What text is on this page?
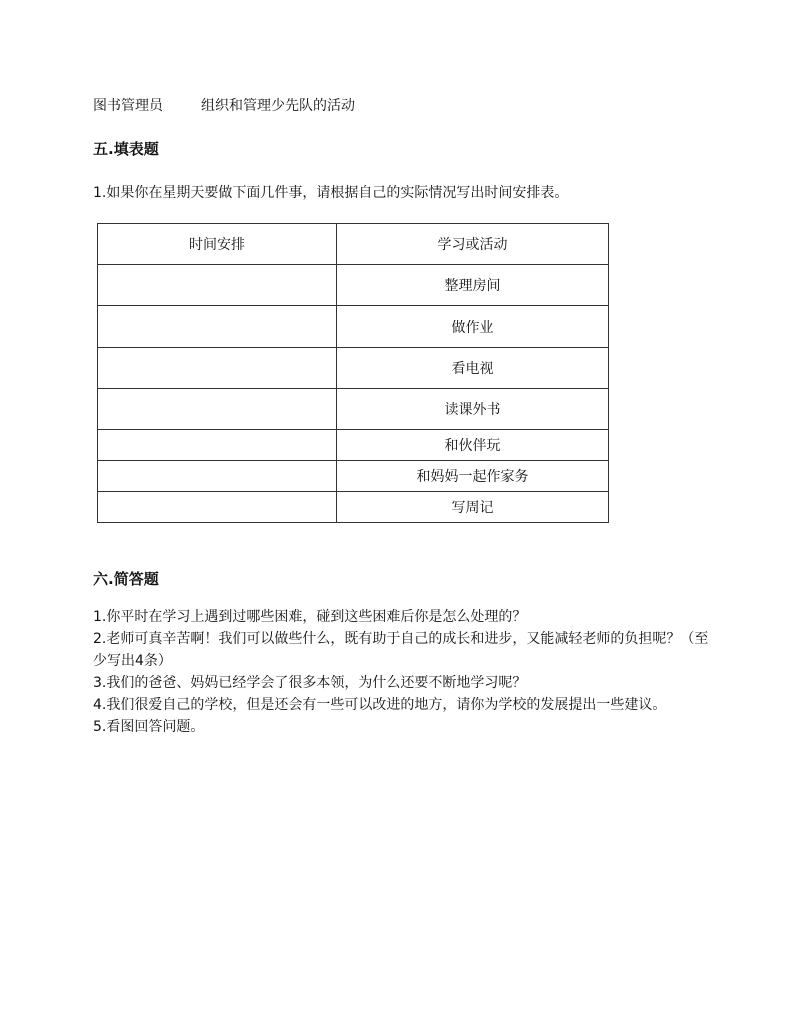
图书管理员	组织和管理少先队的活动
五.填表题
1.如果你在星期天要做下面几件事，请根据自己的实际情况写出时间安排表。
时间安排	学习或活动
	整理房间
	做作业
	看电视
	读课外书
	和伙伴玩
	和妈妈一起作家务
	写周记
六.简答题
1.你平时在学习上遇到过哪些困难，碰到这些困难后你是怎么处理的？
2.老师可真辛苦啊！我们可以做些什么，既有助于自己的成长和进步，又能减轻老师的负担呢？（至少写出4条）
3.我们的爸爸、妈妈已经学会了很多本领，为什么还要不断地学习呢？
4.我们很爱自己的学校，但是还会有一些可以改进的地方，请你为学校的发展提出一些建议。
5.看图回答问题。
